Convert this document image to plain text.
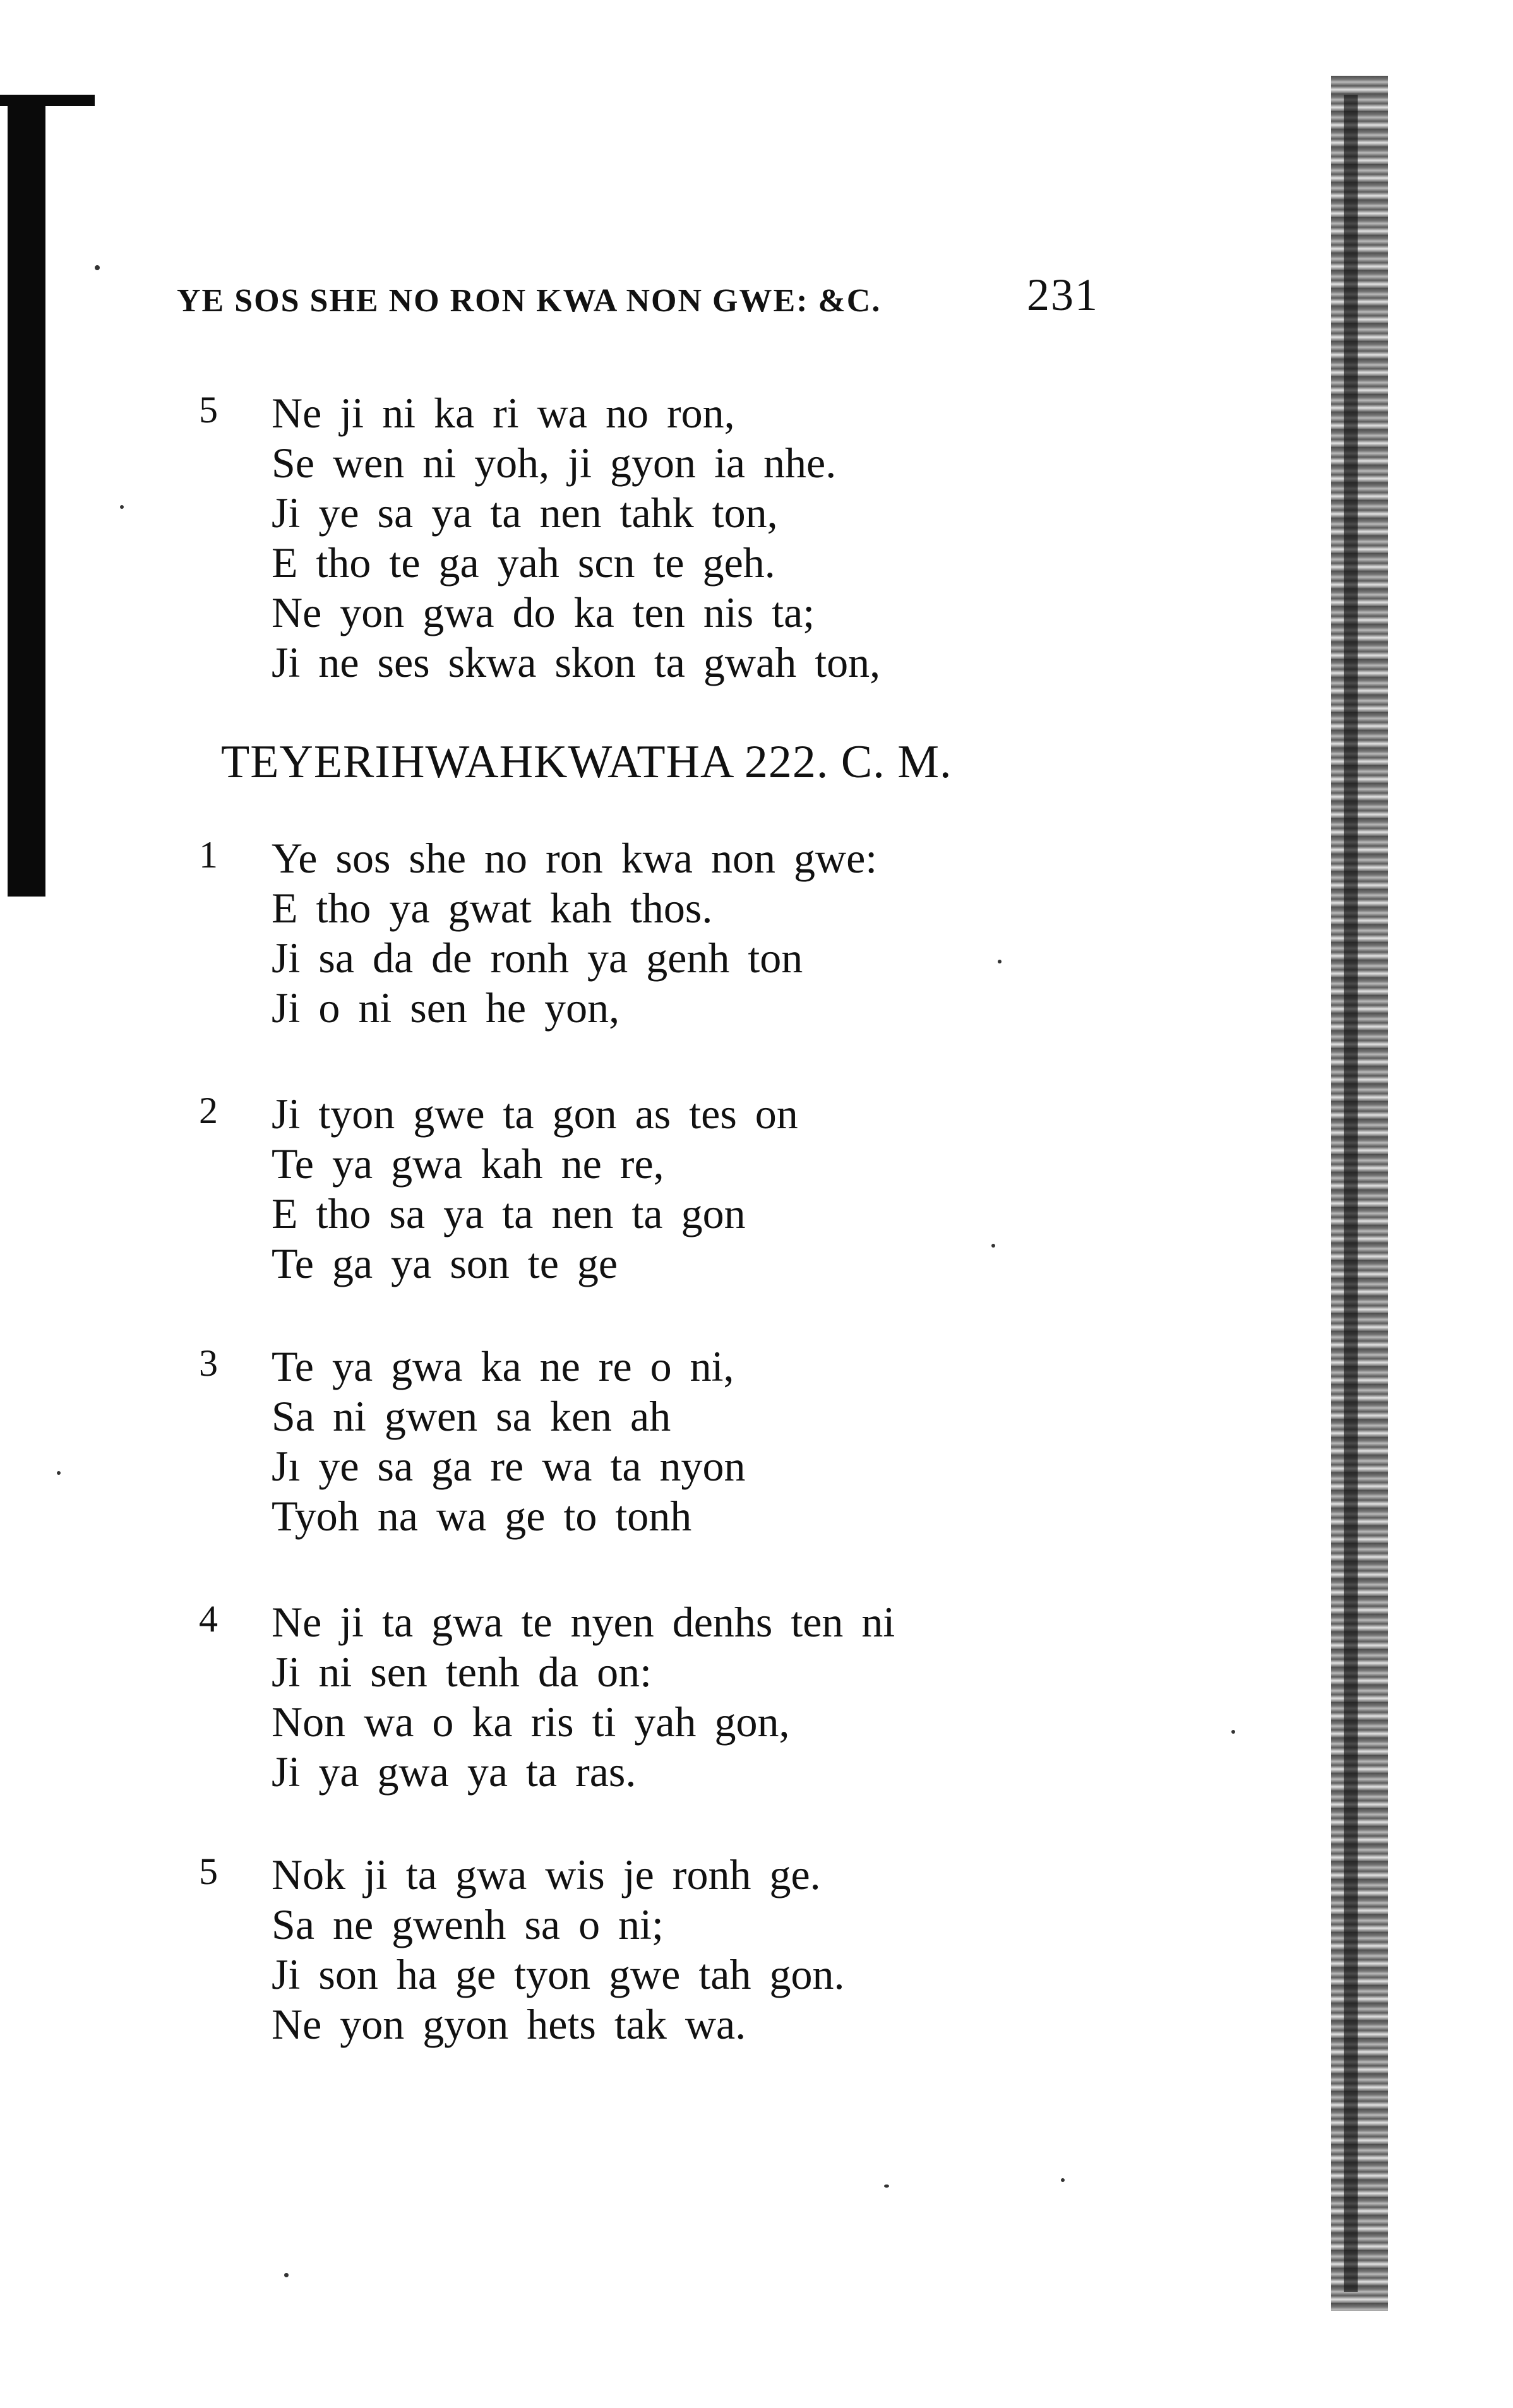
YE SOS SHE NO RON KWA NON GWE: &C.	231
5 Ne ji ni ka ri wa no ron,
Se wen ni yoh, ji gyon ia nhe.
Ji ye sa ya ta nen tahk ton,
E tho te ga yah scn te geh.
Ne yon gwa do ka ten nis ta;
Ji ne ses skwa skon ta gwah ton,
TEYERIHWAHKWATHA 222. C. M.
1 Ye sos she no ron kwa non gwe:
E tho ya gwat kah thos.
Ji sa da de ronh ya genh ton
Ji o ni sen he yon,
2 Ji tyon gwe ta gon as tes on
Te ya gwa kah ne re,
E tho sa ya ta nen ta gon
Te ga ya son te ge
3 Te ya gwa ka ne re o ni,
Sa ni gwen sa ken ah
Jı ye sa ga re wa ta nyon
Tyoh na wa ge to tonh
4 Ne ji ta gwa te nyen denhs ten ni
Ji ni sen tenh da on:
Non wa o ka ris ti yah gon,
Ji ya gwa ya ta ras.
5 Nok ji ta gwa wis je ronh ge.
Sa ne gwenh sa o ni;
Ji son ha ge tyon gwe tah gon.
Ne yon gyon hets tak wa.
